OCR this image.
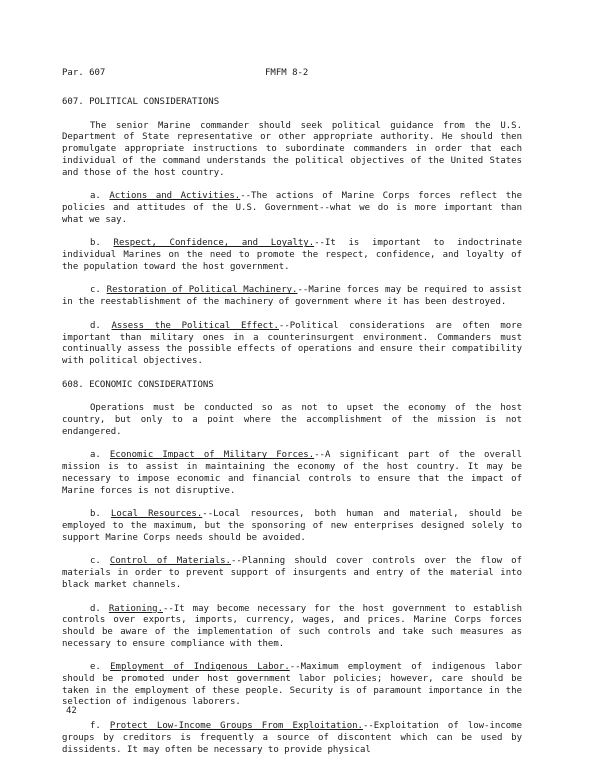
Par. 607	FMFM 8-2
607. POLITICAL CONSIDERATIONS

The senior Marine commander should seek political guidance from the U.S. Department of State representative or other appropriate authority. He should then promulgate appropriate instructions to subordinate commanders in order that each individual of the command understands the political objectives of the United States and those of the host country.

a. Actions and Activities.--The actions of Marine Corps forces reflect the policies and attitudes of the U.S. Government--what we do is more important than what we say.

b. Respect, Confidence, and Loyalty.--It is important to indoctrinate individual Marines on the need to promote the respect, confidence, and loyalty of the population toward the host government.

c. Restoration of Political Machinery.--Marine forces may be required to assist in the reestablishment of the machinery of government where it has been destroyed.

d. Assess the Political Effect.--Political considerations are often more important than military ones in a counterinsurgent environment. Commanders must continually assess the possible effects of operations and ensure their compatibility with political objectives.

608. ECONOMIC CONSIDERATIONS

Operations must be conducted so as not to upset the economy of the host country, but only to a point where the accomplishment of the mission is not endangered.

a. Economic Impact of Military Forces.--A significant part of the overall mission is to assist in maintaining the economy of the host country. It may be necessary to impose economic and financial controls to ensure that the impact of Marine forces is not disruptive.

b. Local Resources.--Local resources, both human and material, should be employed to the maximum, but the sponsoring of new enterprises designed solely to support Marine Corps needs should be avoided.

c. Control of Materials.--Planning should cover controls over the flow of materials in order to prevent support of insurgents and entry of the material into black market channels.

d. Rationing.--It may become necessary for the host government to establish controls over exports, imports, currency, wages, and prices. Marine Corps forces should be aware of the implementation of such controls and take such measures as necessary to ensure compliance with them.

e. Employment of Indigenous Labor.--Maximum employment of indigenous labor should be promoted under host government labor policies; however, care should be taken in the employment of these people. Security is of paramount importance in the selection of indigenous laborers.

f. Protect Low-Income Groups From Exploitation.--Exploitation of low-income groups by creditors is frequently a source of discontent which can be used by dissidents. It may often be necessary to provide physical

42
